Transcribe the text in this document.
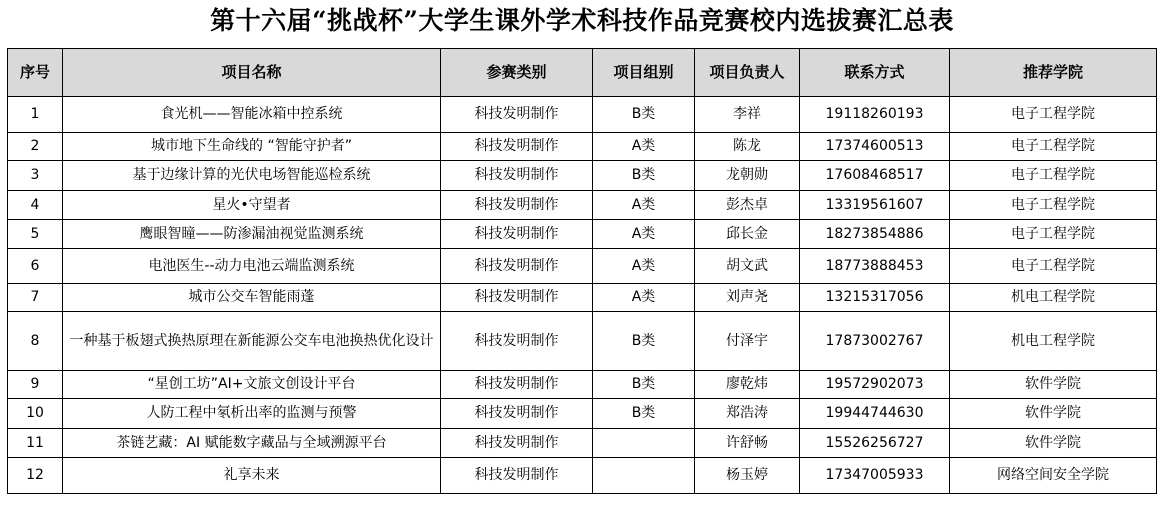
第十六届“挑战杯”大学生课外学术科技作品竞赛校内选拔赛汇总表
序号	项目名称	参赛类别	项目组别	项目负责人	联系方式	推荐学院
1	食光机——智能冰箱中控系统	科技发明制作	B类	李祥	19118260193	电子工程学院
2	城市地下生命线的 “智能守护者”	科技发明制作	A类	陈龙	17374600513	电子工程学院
3	基于边缘计算的光伏电场智能巡检系统	科技发明制作	B类	龙朝勋	17608468517	电子工程学院
4	星火•守望者	科技发明制作	A类	彭杰卓	13319561607	电子工程学院
5	鹰眼智瞳——防渗漏油视觉监测系统	科技发明制作	A类	邱长金	18273854886	电子工程学院
6	电池医生--动力电池云端监测系统	科技发明制作	A类	胡文武	18773888453	电子工程学院
7	城市公交车智能雨蓬	科技发明制作	A类	刘声尧	13215317056	机电工程学院
8	一种基于板翅式换热原理在新能源公交车电池换热优化设计	科技发明制作	B类	付泽宇	17873002767	机电工程学院
9	“星创工坊”AI+文旅文创设计平台	科技发明制作	B类	廖乾炜	19572902073	软件学院
10	人防工程中氡析出率的监测与预警	科技发明制作	B类	郑浩涛	19944744630	软件学院
11	茶链艺藏：AI 赋能数字藏品与全域溯源平台	科技发明制作		许舒畅	15526256727	软件学院
12	礼享未来	科技发明制作		杨玉婷	17347005933	网络空间安全学院
